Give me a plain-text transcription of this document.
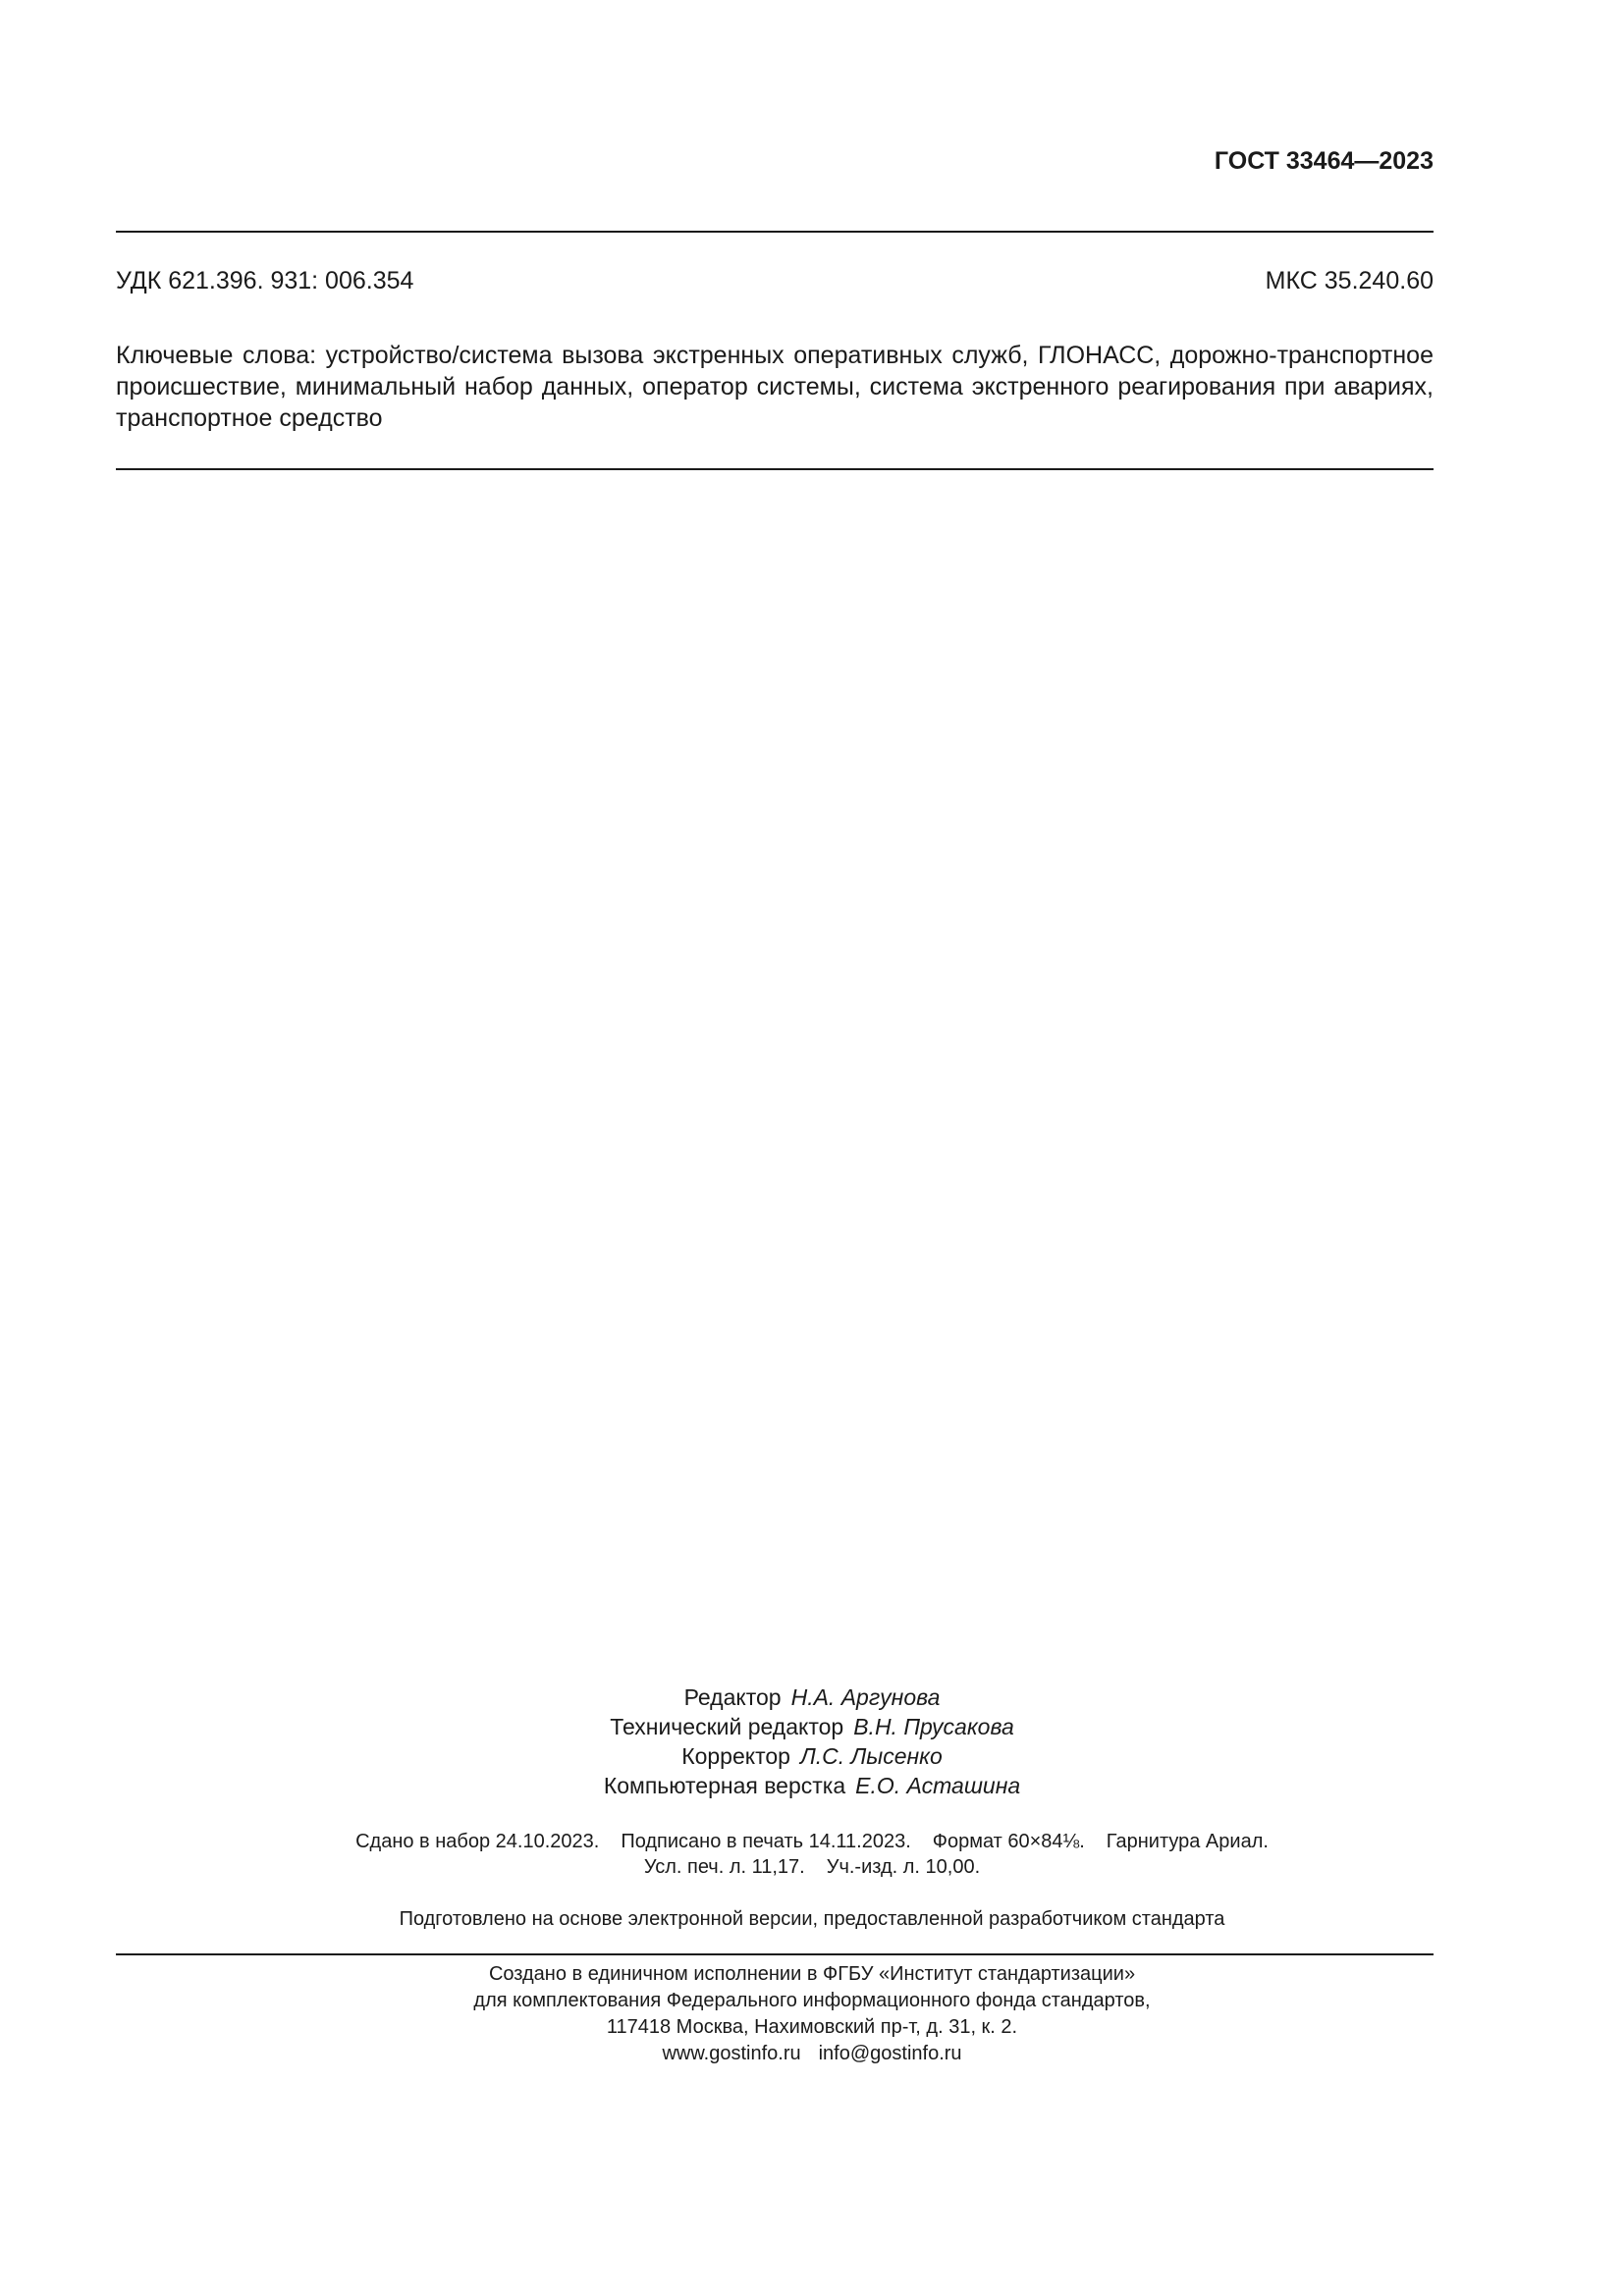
ГОСТ 33464—2023
УДК 621.396. 931: 006.354	МКС 35.240.60
Ключевые слова: устройство/система вызова экстренных оперативных служб, ГЛОНАСС, дорожно-транспортное происшествие, минимальный набор данных, оператор системы, система экстренного реагирования при авариях, транспортное средство
Редактор Н.А. Аргунова
Технический редактор В.Н. Прусакова
Корректор Л.С. Лысенко
Компьютерная верстка Е.О. Асташина
Сдано в набор 24.10.2023. Подписано в печать 14.11.2023. Формат 60×84⅛. Гарнитура Ариал.
Усл. печ. л. 11,17. Уч.-изд. л. 10,00.
Подготовлено на основе электронной версии, предоставленной разработчиком стандарта
Создано в единичном исполнении в ФГБУ «Институт стандартизации»
для комплектования Федерального информационного фонда стандартов,
117418 Москва, Нахимовский пр-т, д. 31, к. 2.
www.gostinfo.ru info@gostinfo.ru
